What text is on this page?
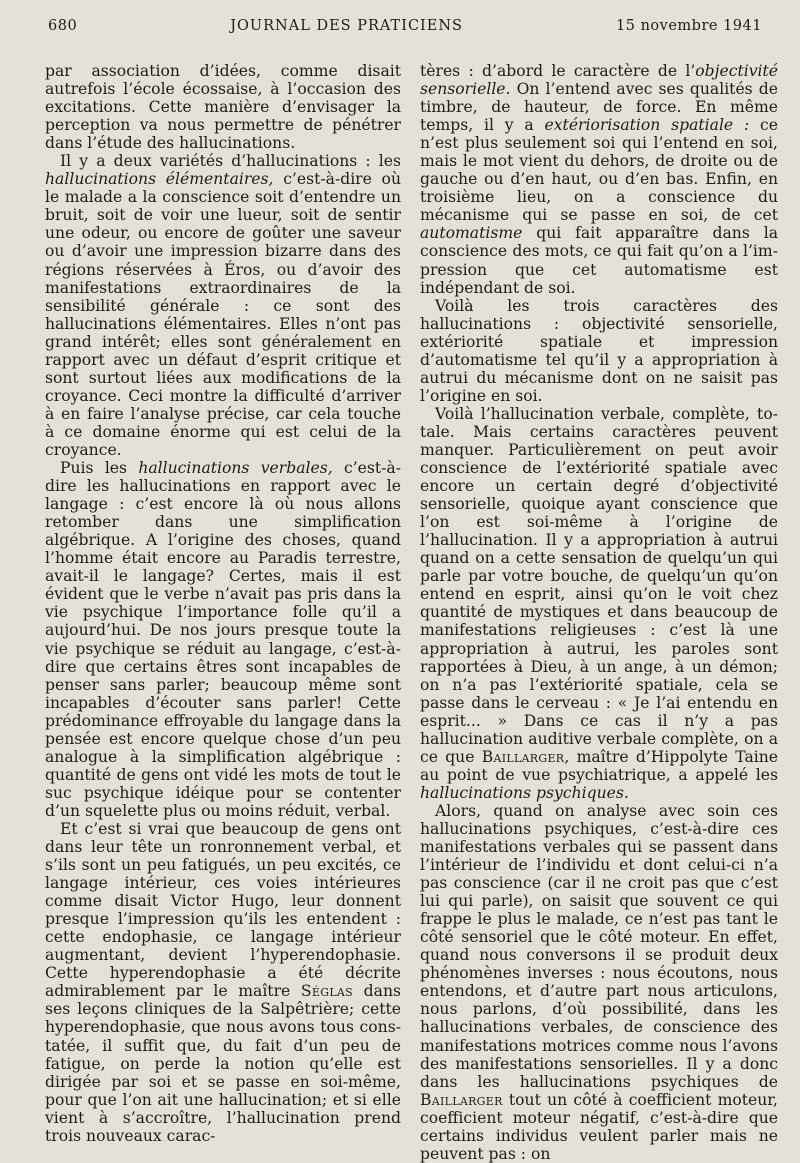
680	JOURNAL DES PRATICIENS	15 novembre 1941

par association d’idées, comme disait autrefois l’école écossaise, à l’occasion des excitations. Cette manière d’envisager la perception va nous permettre de pénétrer dans l’étude des hallucinations.

Il y a deux variétés d’hallucinations : les hallucinations élémentaires, c’est-à-dire où le malade a la conscience soit d’entendre un bruit, soit de voir une lueur, soit de sentir une odeur, ou encore de goûter une saveur ou d’avoir une impression bizarre dans des régions réservées à Éros, ou d’avoir des manifestations extraordinaires de la sensibilité générale : ce sont des hallucinations élémentaires. Elles n’ont pas grand intérêt; elles sont généralement en rapport avec un défaut d’esprit critique et sont surtout liées aux modifications de la croyance. Ceci montre la difficulté d’arriver à en faire l’analyse précise, car cela touche à ce domaine énorme qui est celui de la croyance.

Puis les hallucinations verbales, c’est-à-dire les hallucinations en rapport avec le langage : c’est encore là où nous allons retomber dans une simplification algébrique. A l’origine des choses, quand l’homme était encore au Paradis terrestre, avait-il le langage? Certes, mais il est évident que le verbe n’avait pas pris dans la vie psychique l’importance folle qu’il a aujourd’hui. De nos jours presque toute la vie psychique se réduit au langage, c’est-à-dire que certains êtres sont incapables de penser sans parler; beaucoup même sont incapables d’écouter sans parler! Cette prédominance effroyable du langage dans la pensée est encore quelque chose d’un peu analogue à la simplification algébrique : quantité de gens ont vidé les mots de tout le suc psychique idéique pour se contenter d’un squelette plus ou moins réduit, verbal.

Et c’est si vrai que beaucoup de gens ont dans leur tête un ronronnement verbal, et s’ils sont un peu fatigués, un peu excités, ce langage intérieur, ces voies intérieures comme disait Victor Hugo, leur donnent presque l’impression qu’ils les entendent : cette endophasie, ce langage intérieur augmentant, devient l’hyperendophasie. Cette hyperendophasie a été décrite admirablement par le maître Séglas dans ses leçons cliniques de la Salpêtrière; cette hyperendophasie, que nous avons tous constatée, il suffit que, du fait d’un peu de fatigue, on perde la notion qu’elle est dirigée par soi et se passe en soi-même, pour que l’on ait une hallucination; et si elle vient à s’accroître, l’hallucination prend trois nouveaux carac-

tères : d’abord le caractère de l’objectivité sensorielle. On l’entend avec ses qualités de timbre, de hauteur, de force. En même temps, il y a extériorisation spatiale : ce n’est plus seulement soi qui l’entend en soi, mais le mot vient du dehors, de droite ou de gauche ou d’en haut, ou d’en bas. Enfin, en troisième lieu, on a conscience du mécanisme qui se passe en soi, de cet automatisme qui fait apparaître dans la conscience des mots, ce qui fait qu’on a l’impression que cet automatisme est indépendant de soi.

Voilà les trois caractères des hallucinations : objectivité sensorielle, extériorité spatiale et impression d’automatisme tel qu’il y a appropriation à autrui du mécanisme dont on ne saisit pas l’origine en soi.

Voilà l’hallucination verbale, complète, totale. Mais certains caractères peuvent manquer. Particulièrement on peut avoir conscience de l’extériorité spatiale avec encore un certain degré d’objectivité sensorielle, quoique ayant conscience que l’on est soi-même à l’origine de l’hallucination. Il y a appropriation à autrui quand on a cette sensation de quelqu’un qui parle par votre bouche, de quelqu’un qu’on entend en esprit, ainsi qu’on le voit chez quantité de mystiques et dans beaucoup de manifestations religieuses : c’est là une appropriation à autrui, les paroles sont rapportées à Dieu, à un ange, à un démon; on n’a pas l’extériorité spatiale, cela se passe dans le cerveau : « Je l’ai entendu en esprit... » Dans ce cas il n’y a pas hallucination auditive verbale complète, on a ce que Baillarger, maître d’Hippolyte Taine au point de vue psychiatrique, a appelé les hallucinations psychiques.

Alors, quand on analyse avec soin ces hallucinations psychiques, c’est-à-dire ces manifestations verbales qui se passent dans l’intérieur de l’individu et dont celui-ci n’a pas conscience (car il ne croit pas que c’est lui qui parle), on saisit que souvent ce qui frappe le plus le malade, ce n’est pas tant le côté sensoriel que le côté moteur. En effet, quand nous conversons il se produit deux phénomènes inverses : nous écoutons, nous entendons, et d’autre part nous articulons, nous parlons, d’où possibilité, dans les hallucinations verbales, de conscience des manifestations motrices comme nous l’avons des manifestations sensorielles. Il y a donc dans les hallucinations psychiques de Baillarger tout un côté à coefficient moteur, coefficient moteur négatif, c’est-à-dire que certains individus veulent parler mais ne peuvent pas : on
